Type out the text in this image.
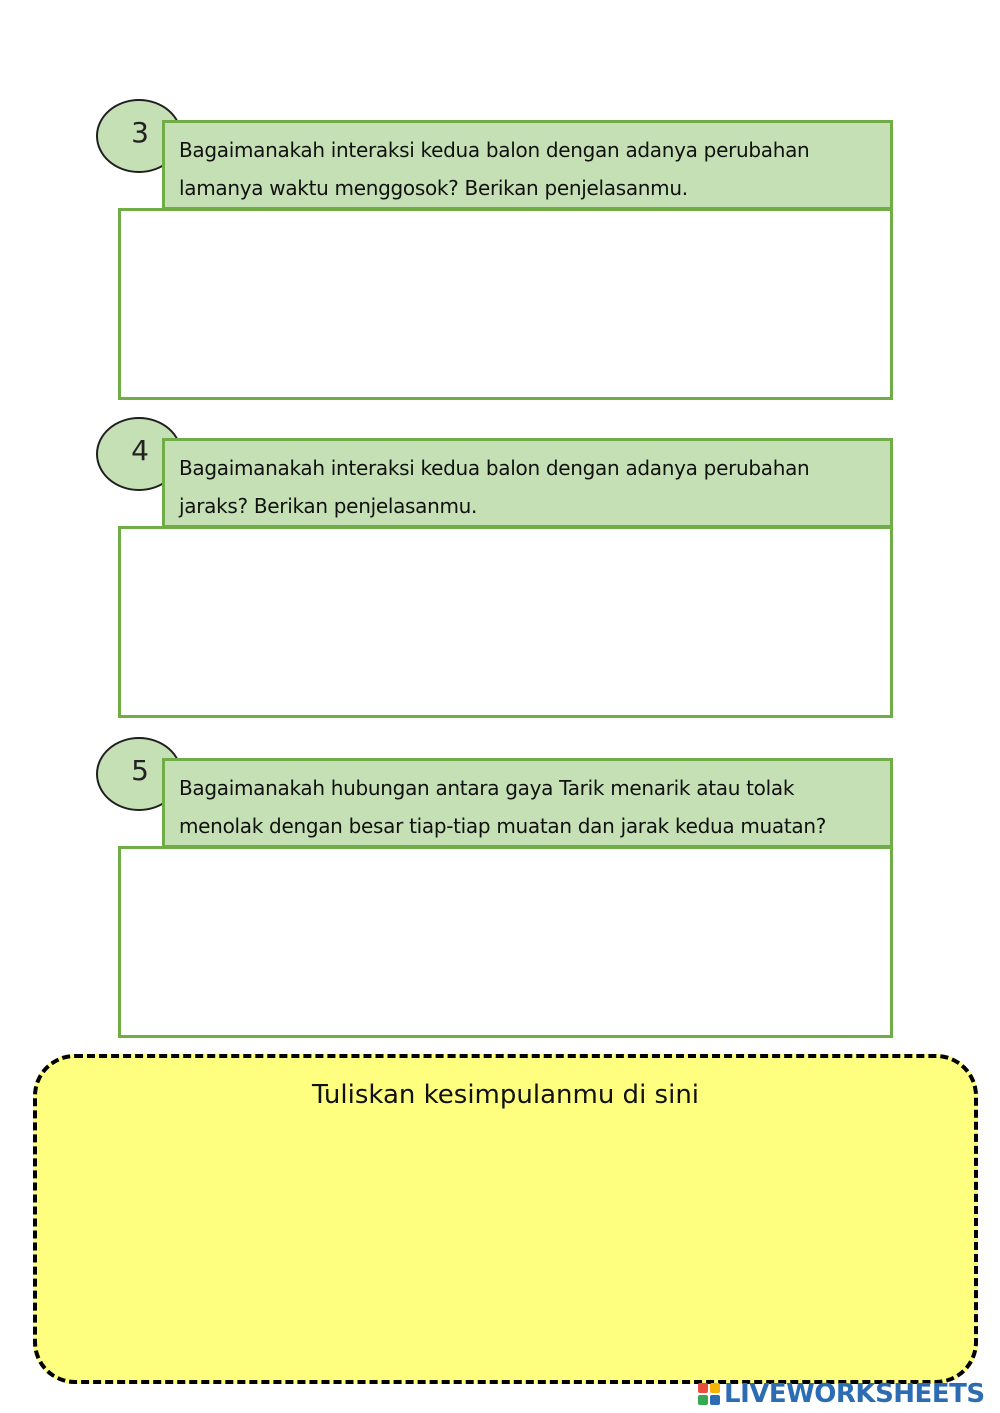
3
Bagaimanakah interaksi kedua balon dengan adanya perubahan lamanya waktu menggosok? Berikan penjelasanmu.
4
Bagaimanakah interaksi kedua balon dengan adanya perubahan jaraks? Berikan penjelasanmu.
5
Bagaimanakah hubungan antara gaya Tarik menarik atau tolak menolak dengan besar tiap-tiap muatan dan jarak kedua muatan?
Tuliskan kesimpulanmu di sini
LIVEWORKSHEETS
